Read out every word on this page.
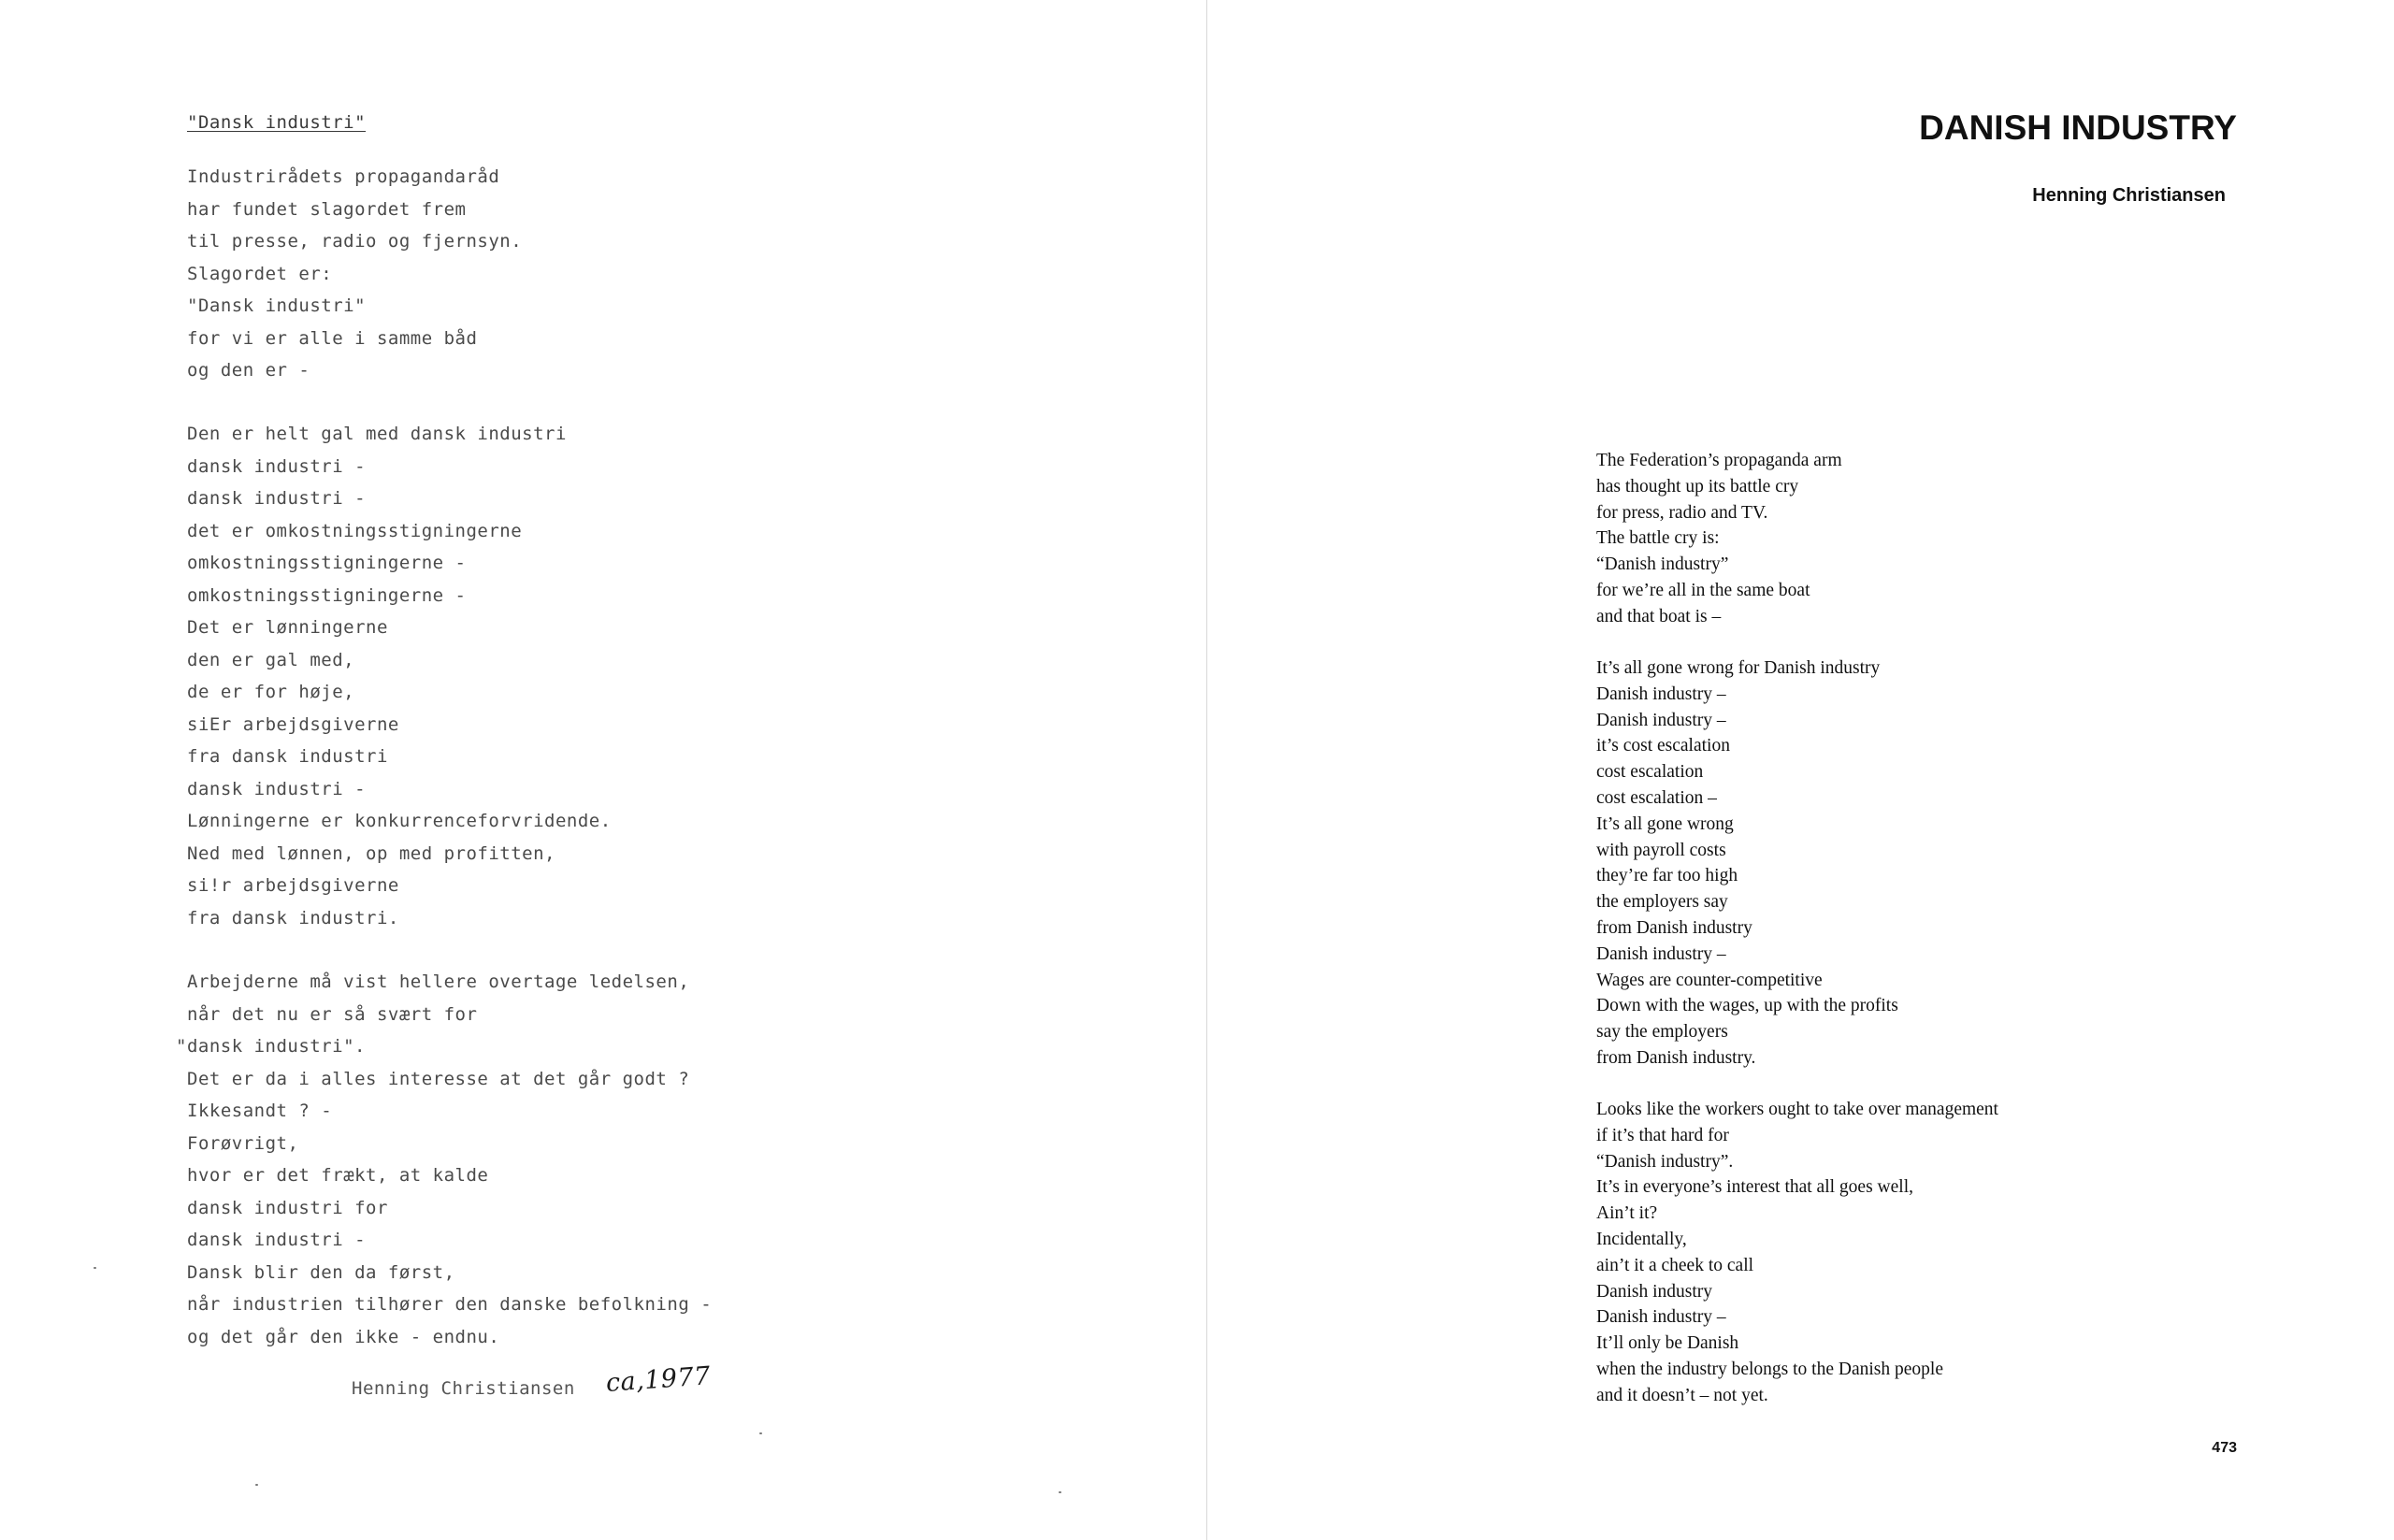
"Dansk industri"
Industrirådets propagandaråd
har fundet slagordet frem
til presse, radio og fjernsyn.
Slagordet er:
"Dansk industri"
for vi er alle i samme båd
og den er -
Den er helt gal med dansk industri
dansk industri -
dansk industri -
det er omkostningsstigningerne
omkostningsstigningerne -
omkostningsstigningerne -
Det er lønningerne
den er gal med,
de er for høje,
siEr arbejdsgiverne
fra dansk industri
dansk industri -
Lønningerne er konkurrenceforvridende.
Ned med lønnen, op med profitten,
si!r arbejdsgiverne
fra dansk industri.
Arbejderne må vist hellere overtage ledelsen,
når det nu er så svært for
"dansk industri".
Det er da i alles interesse at det går godt ?
Ikkesandt ? -
Forøvrigt,
hvor er det frækt, at kalde
dansk industri for
dansk industri -
Dansk blir den da først,
når industrien tilhører den danske befolkning -
og det går den ikke - endnu.
Henning Christiansen ca,1977
DANISH INDUSTRY
Henning Christiansen
The Federation’s propaganda arm
has thought up its battle cry
for press, radio and TV.
The battle cry is:
“Danish industry”
for we’re all in the same boat
and that boat is –
It’s all gone wrong for Danish industry
Danish industry –
Danish industry –
it’s cost escalation
cost escalation
cost escalation –
It’s all gone wrong
with payroll costs
they’re far too high
the employers say
from Danish industry
Danish industry –
Wages are counter-competitive
Down with the wages, up with the profits
say the employers
from Danish industry.
Looks like the workers ought to take over management
if it’s that hard for
“Danish industry”.
It’s in everyone’s interest that all goes well,
Ain’t it?
Incidentally,
ain’t it a cheek to call
Danish industry
Danish industry –
It’ll only be Danish
when the industry belongs to the Danish people
and it doesn’t – not yet.
473
